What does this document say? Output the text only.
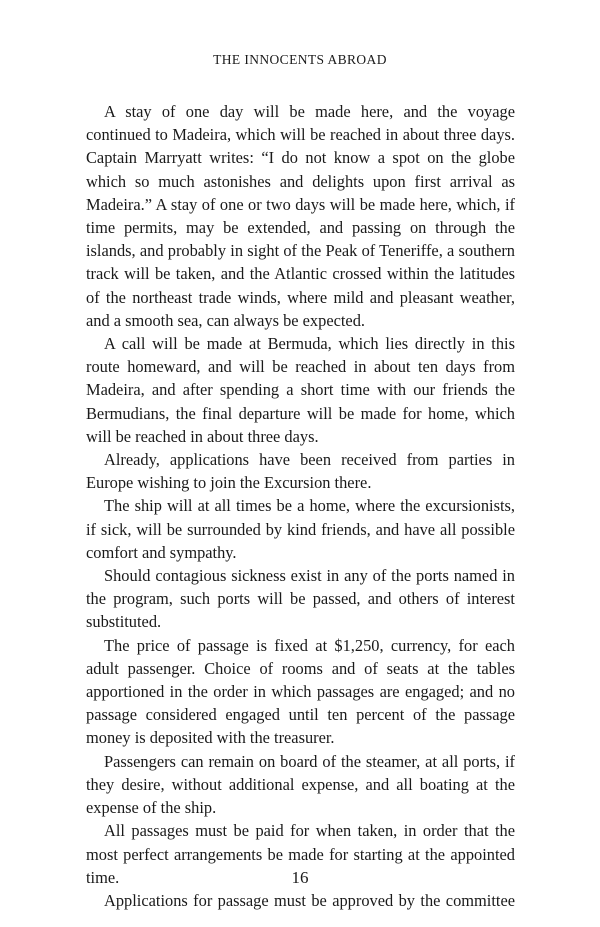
THE INNOCENTS ABROAD

A stay of one day will be made here, and the voyage continued to Madeira, which will be reached in about three days. Captain Marryatt writes: “I do not know a spot on the globe which so much astonishes and delights upon first arrival as Madeira.” A stay of one or two days will be made here, which, if time permits, may be extended, and passing on through the islands, and probably in sight of the Peak of Teneriffe, a southern track will be taken, and the Atlantic crossed within the latitudes of the northeast trade winds, where mild and pleasant weather, and a smooth sea, can always be expected.

A call will be made at Bermuda, which lies directly in this route homeward, and will be reached in about ten days from Madeira, and after spending a short time with our friends the Bermudians, the final departure will be made for home, which will be reached in about three days.

Already, applications have been received from parties in Europe wishing to join the Excursion there.

The ship will at all times be a home, where the excursionists, if sick, will be surrounded by kind friends, and have all possible comfort and sympathy.

Should contagious sickness exist in any of the ports named in the program, such ports will be passed, and others of interest substituted.

The price of passage is fixed at $1,250, currency, for each adult passenger. Choice of rooms and of seats at the tables apportioned in the order in which passages are engaged; and no passage considered engaged until ten percent of the passage money is deposited with the treasurer.

Passengers can remain on board of the steamer, at all ports, if they desire, without additional expense, and all boating at the expense of the ship.

All passages must be paid for when taken, in order that the most perfect arrangements be made for starting at the appointed time.

Applications for passage must be approved by the committee

16
